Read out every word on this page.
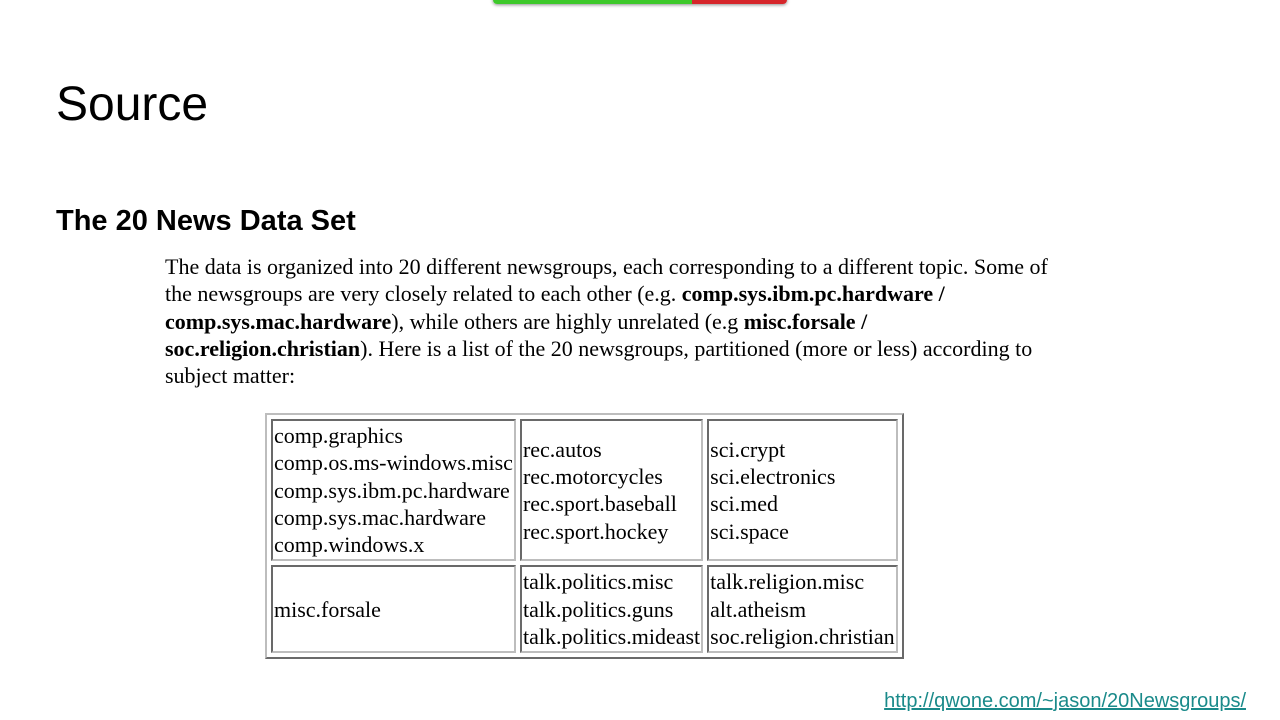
Source
The 20 News Data Set

The data is organized into 20 different newsgroups, each corresponding to a different topic. Some of the newsgroups are very closely related to each other (e.g. comp.sys.ibm.pc.hardware / comp.sys.mac.hardware), while others are highly unrelated (e.g misc.forsale / soc.religion.christian). Here is a list of the 20 newsgroups, partitioned (more or less) according to subject matter:

comp.graphics
comp.os.ms-windows.misc
comp.sys.ibm.pc.hardware
comp.sys.mac.hardware
comp.windows.x	rec.autos
rec.motorcycles
rec.sport.baseball
rec.sport.hockey	sci.crypt
sci.electronics
sci.med
sci.space

misc.forsale	talk.politics.misc
talk.politics.guns
talk.politics.mideast	talk.religion.misc
alt.atheism
soc.religion.christian
http://qwone.com/~jason/20Newsgroups/
